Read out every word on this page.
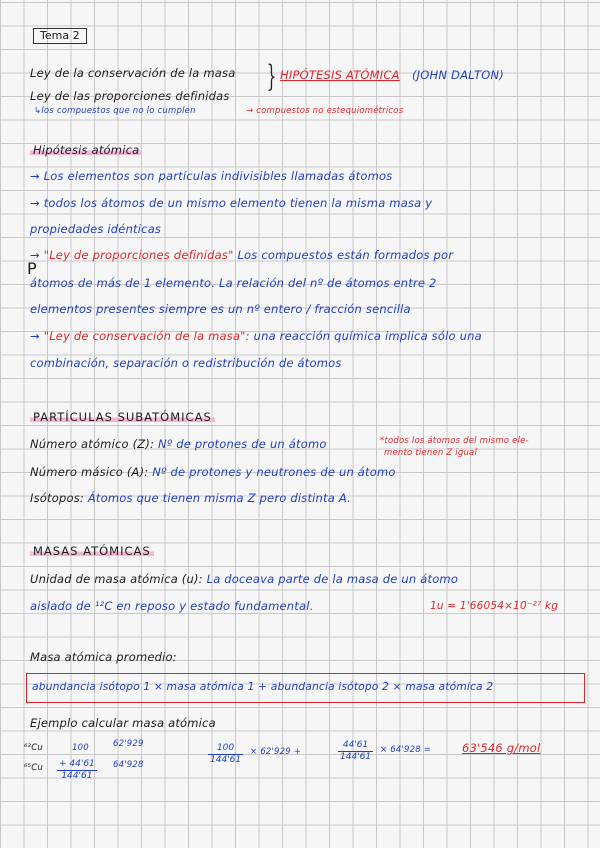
Tema 2
Ley de la conservación de la masa
Ley de las proporciones definidas
} HIPÓTESIS ATÓMICA (JOHN DALTON)
↳los compuestos que no lo cumplen	→ compuestos no estequiométricos
Hipótesis atómica
→ Los elementos son partículas indivisibles llamadas átomos
→ todos los átomos de un mismo elemento tienen la misma masa y
propiedades idénticas
→ "Ley de proporciones definidas" Los compuestos están formados por
P
átomos de más de 1 elemento. La relación del nº de átomos entre 2
elementos presentes siempre es un nº entero / fracción sencilla
→ "Ley de conservación de la masa": una reacción química implica sólo una
combinación, separación o redistribución de átomos
PARTÍCULAS SUBATÓMICAS
Número atómico (Z): Nº de protones de un átomo	*todos los átomos del mismo ele-
mento tienen Z igual
Número másico (A): Nº de protones y neutrones de un átomo
Isótopos: Átomos que tienen misma Z pero distinta A.
MASAS ATÓMICAS
Unidad de masa atómica (u): La doceava parte de la masa de un átomo
aislado de ¹²C en reposo y estado fundamental.	1u = 1'66054×10⁻²⁷ kg
Masa atómica promedio:
abundancia isótopo 1 × masa atómica 1 + abundancia isótopo 2 × masa atómica 2
Ejemplo calcular masa atómica
⁶³Cu
⁶⁵Cu
100	62'929
$\frac{+ 44'61}{144'61} 64'928$	$\frac{100}{144'61} \times 62'929$ +	$\frac{44'61}{144'61} \times 64'928$ =	63'546 g/mol
